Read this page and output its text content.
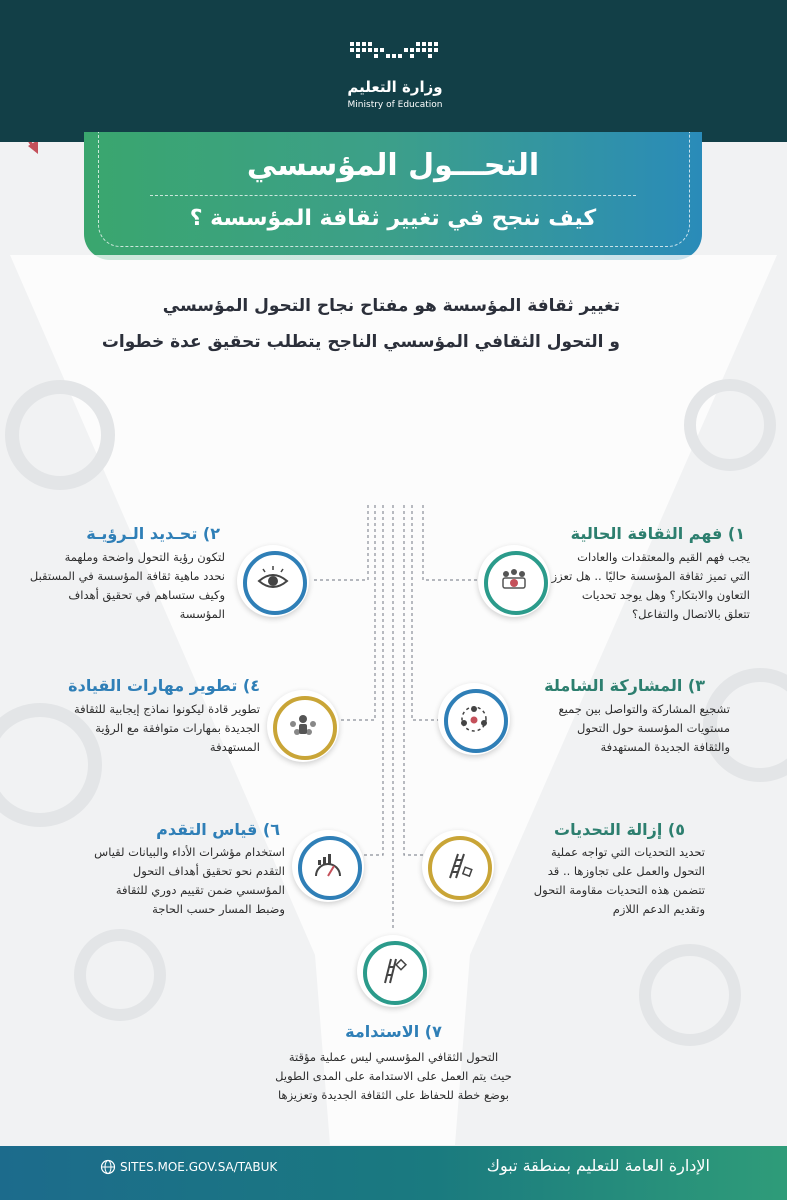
وزارة التعليم
Ministry of Education
التحـــول المؤسسي
كيف ننجح في تغيير ثقافة المؤسسة ؟
تغيير ثقافة المؤسسة هو مفتاح نجاح التحول المؤسسي
و التحول الثقافي المؤسسي الناجح يتطلب تحقيق عدة خطوات
١) فهم الثقافة الحالية
يجب فهم القيم والمعتقدات والعادات
التي تميز ثقافة المؤسسة حاليًا .. هل تعزز
التعاون والابتكار؟ وهل يوجد تحديات
تتعلق بالاتصال والتفاعل؟
٢) تحـديد الـرؤيـة
لتكون رؤية التحول واضحة وملهمة
نحدد ماهية ثقافة المؤسسة في المستقبل
وكيف ستساهم في تحقيق أهداف
المؤسسة
٣) المشاركة الشاملة
تشجيع المشاركة والتواصل بين جميع
مستويات المؤسسة حول التحول
والثقافة الجديدة المستهدفة
٤) تطوير مهارات القيادة
تطوير قادة ليكونوا نماذج إيجابية للثقافة
الجديدة بمهارات متوافقة مع الرؤية
المستهدفة
٥) إزالة التحديات
تحديد التحديات التي تواجه عملية
التحول والعمل على تجاوزها .. قد
تتضمن هذه التحديات مقاومة التحول
وتقديم الدعم اللازم
٦) قياس التقدم
استخدام مؤشرات الأداء والبيانات لقياس
التقدم نحو تحقيق أهداف التحول
المؤسسي ضمن تقييم دوري للثقافة
وضبط المسار حسب الحاجة
٧) الاستدامة
التحول الثقافي المؤسسي ليس عملية مؤقتة
حيث يتم العمل على الاستدامة على المدى الطويل
بوضع خطة للحفاظ على الثقافة الجديدة وتعزيزها
SITES.MOE.GOV.SA/TABUK	الإدارة العامة للتعليم بمنطقة تبوك
